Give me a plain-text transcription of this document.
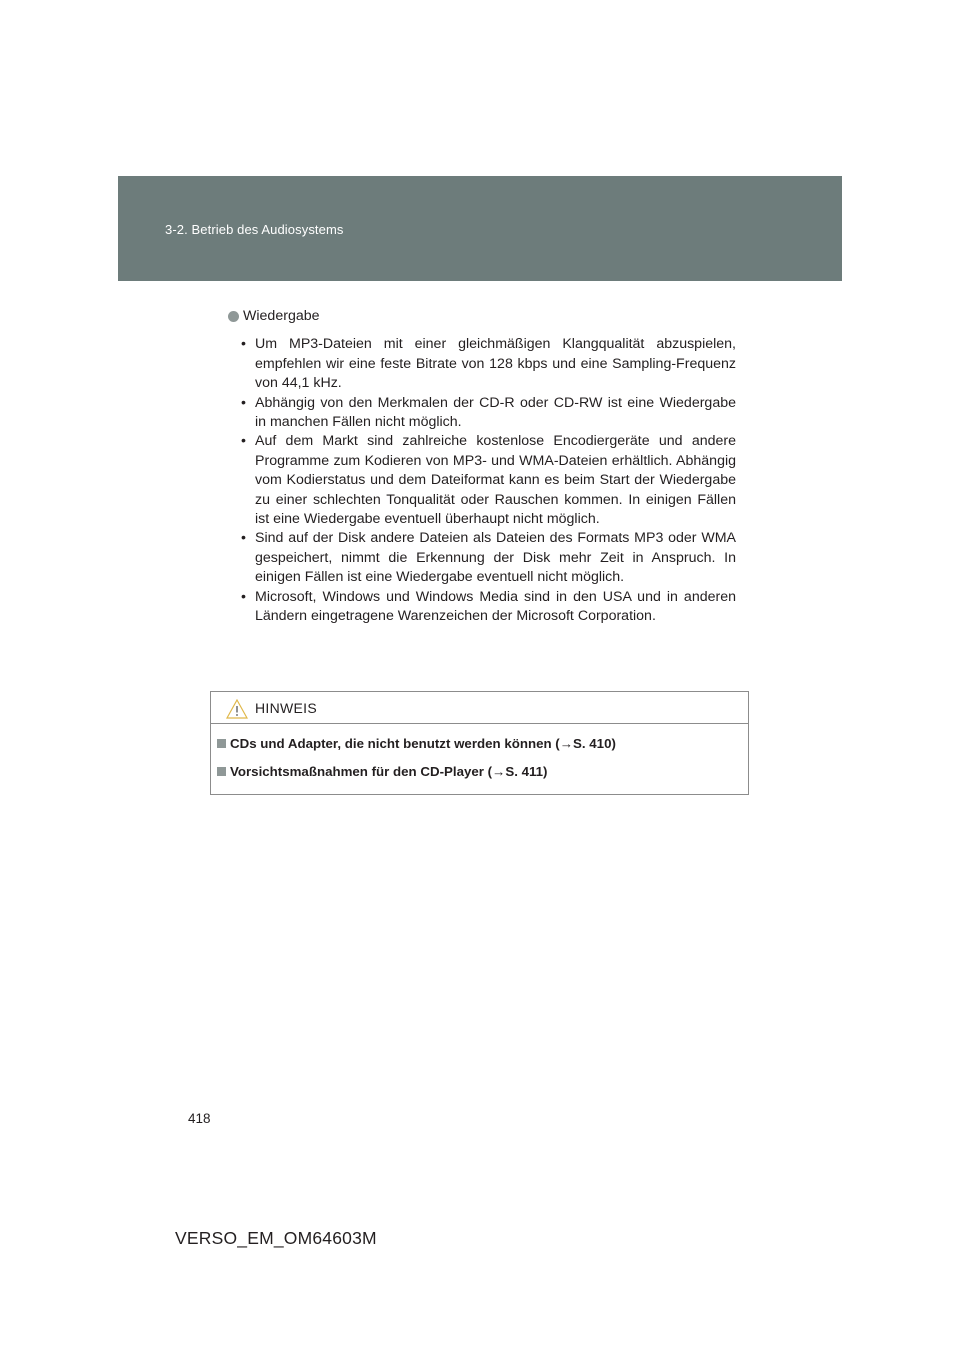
3-2. Betrieb des Audiosystems
Wiedergabe
• Um MP3-Dateien mit einer gleichmäßigen Klangqualität abzuspielen, empfehlen wir eine feste Bitrate von 128 kbps und eine Sampling-Frequenz von 44,1 kHz.
• Abhängig von den Merkmalen der CD-R oder CD-RW ist eine Wiedergabe in manchen Fällen nicht möglich.
• Auf dem Markt sind zahlreiche kostenlose Encodiergeräte und andere Programme zum Kodieren von MP3- und WMA-Dateien erhältlich. Abhängig vom Kodierstatus und dem Dateiformat kann es beim Start der Wiedergabe zu einer schlechten Tonqualität oder Rauschen kommen. In einigen Fällen ist eine Wiedergabe eventuell überhaupt nicht möglich.
• Sind auf der Disk andere Dateien als Dateien des Formats MP3 oder WMA gespeichert, nimmt die Erkennung der Disk mehr Zeit in Anspruch. In einigen Fällen ist eine Wiedergabe eventuell nicht möglich.
• Microsoft, Windows und Windows Media sind in den USA und in anderen Ländern eingetragene Warenzeichen der Microsoft Corporation.
HINWEIS
CDs und Adapter, die nicht benutzt werden können (→S. 410)
Vorsichtsmaßnahmen für den CD-Player (→S. 411)
418
VERSO_EM_OM64603M
